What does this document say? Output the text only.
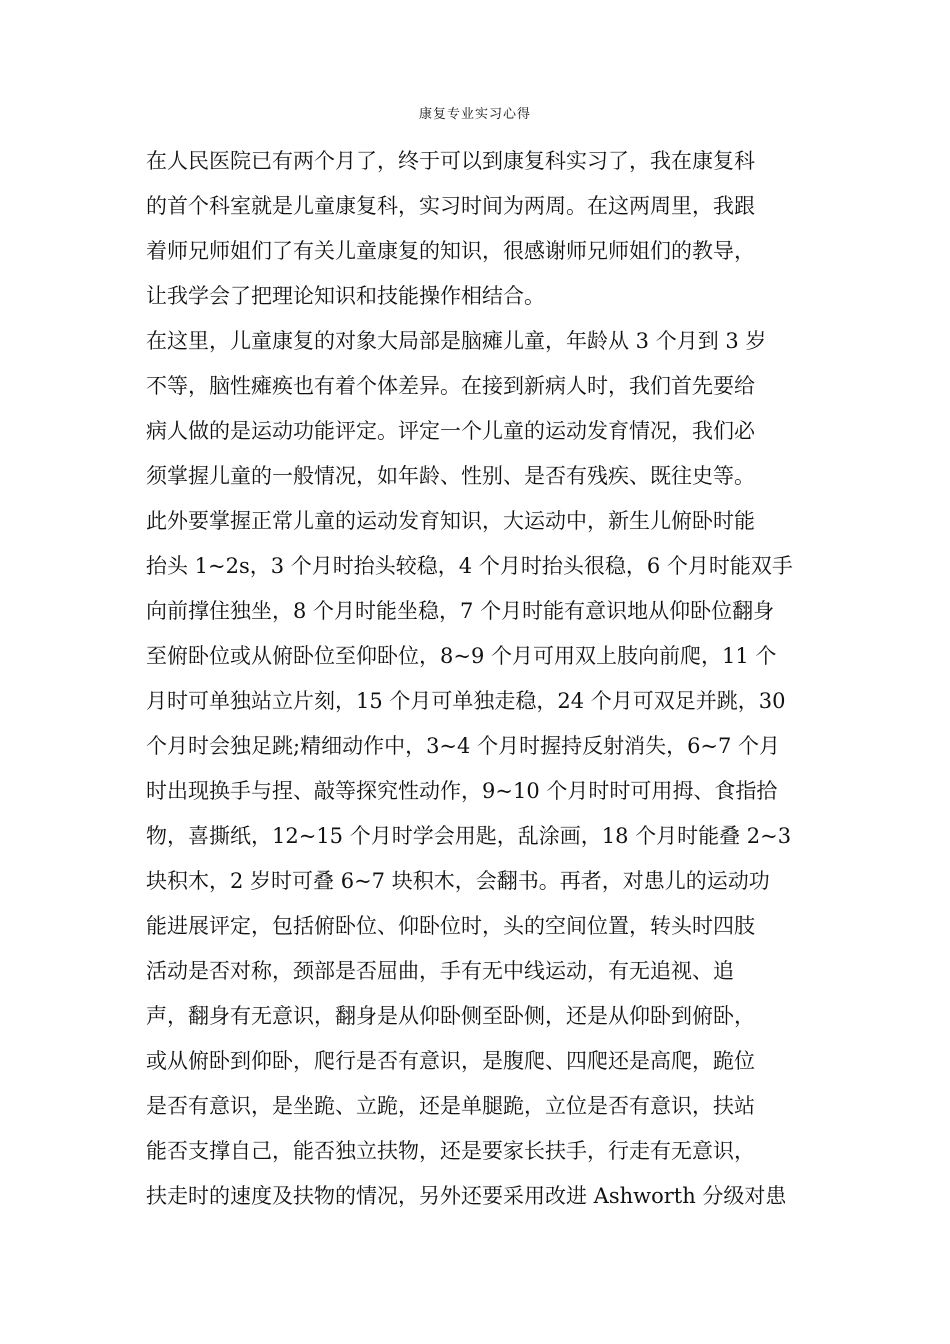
康复专业实习心得
在人民医院已有两个月了，终于可以到康复科实习了，我在康复科
的首个科室就是儿童康复科，实习时间为两周。在这两周里，我跟
着师兄师姐们了有关儿童康复的知识，很感谢师兄师姐们的教导，
让我学会了把理论知识和技能操作相结合。
在这里，儿童康复的对象大局部是脑瘫儿童，年龄从 3 个月到 3 岁
不等，脑性瘫痪也有着个体差异。在接到新病人时，我们首先要给
病人做的是运动功能评定。评定一个儿童的运动发育情况，我们必
须掌握儿童的一般情况，如年龄、性别、是否有残疾、既往史等。
此外要掌握正常儿童的运动发育知识，大运动中，新生儿俯卧时能
抬头 1~2s，3 个月时抬头较稳，4 个月时抬头很稳，6 个月时能双手
向前撑住独坐，8 个月时能坐稳，7 个月时能有意识地从仰卧位翻身
至俯卧位或从俯卧位至仰卧位，8~9 个月可用双上肢向前爬，11 个
月时可单独站立片刻，15 个月可单独走稳，24 个月可双足并跳，30
个月时会独足跳;精细动作中，3~4 个月时握持反射消失，6~7 个月
时出现换手与捏、敲等探究性动作，9~10 个月时时可用拇、食指拾
物，喜撕纸，12~15 个月时学会用匙，乱涂画，18 个月时能叠 2~3
块积木，2 岁时可叠 6~7 块积木，会翻书。再者，对患儿的运动功
能进展评定，包括俯卧位、仰卧位时，头的空间位置，转头时四肢
活动是否对称，颈部是否屈曲，手有无中线运动，有无追视、追
声，翻身有无意识，翻身是从仰卧侧至卧侧，还是从仰卧到俯卧，
或从俯卧到仰卧，爬行是否有意识，是腹爬、四爬还是高爬，跪位
是否有意识，是坐跪、立跪，还是单腿跪，立位是否有意识，扶站
能否支撑自己，能否独立扶物，还是要家长扶手，行走有无意识，
扶走时的速度及扶物的情况，另外还要采用改进 Ashworth 分级对患
